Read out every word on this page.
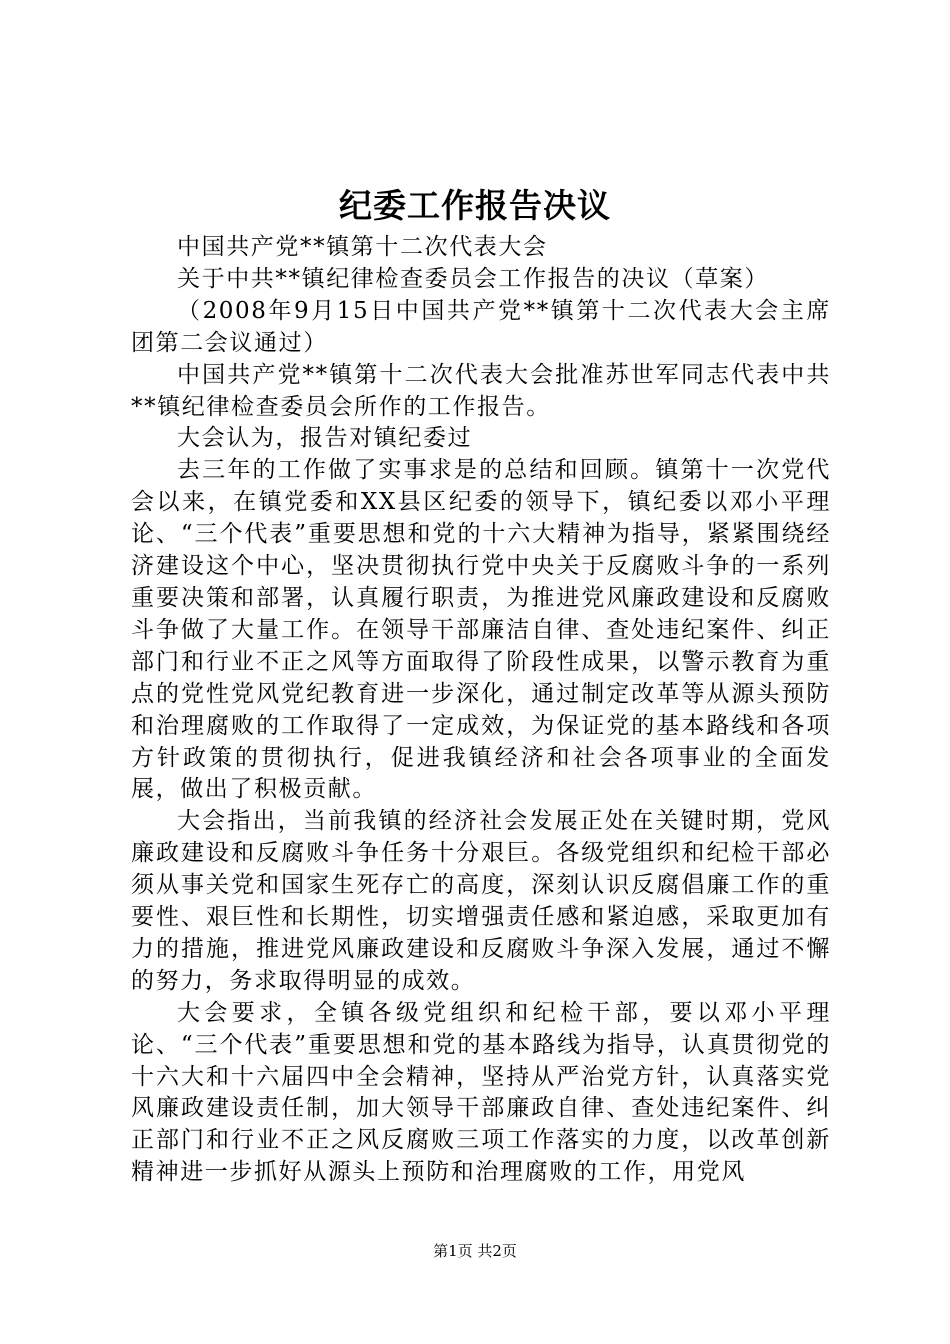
纪委工作报告决议

中国共产党**镇第十二次代表大会

关于中共**镇纪律检查委员会工作报告的决议（草案）

（2008年9月15日中国共产党**镇第十二次代表大会主席团第二会议通过）

中国共产党**镇第十二次代表大会批准苏世军同志代表中共**镇纪律检查委员会所作的工作报告。

大会认为，报告对镇纪委过

去三年的工作做了实事求是的总结和回顾。镇第十一次党代会以来，在镇党委和XX县区纪委的领导下，镇纪委以邓小平理论、“三个代表”重要思想和党的十六大精神为指导，紧紧围绕经济建设这个中心，坚决贯彻执行党中央关于反腐败斗争的一系列重要决策和部署，认真履行职责，为推进党风廉政建设和反腐败斗争做了大量工作。在领导干部廉洁自律、查处违纪案件、纠正部门和行业不正之风等方面取得了阶段性成果，以警示教育为重点的党性党风党纪教育进一步深化，通过制定改革等从源头预防和治理腐败的工作取得了一定成效，为保证党的基本路线和各项方针政策的贯彻执行，促进我镇经济和社会各项事业的全面发展，做出了积极贡献。

大会指出，当前我镇的经济社会发展正处在关键时期，党风廉政建设和反腐败斗争任务十分艰巨。各级党组织和纪检干部必须从事关党和国家生死存亡的高度，深刻认识反腐倡廉工作的重要性、艰巨性和长期性，切实增强责任感和紧迫感，采取更加有力的措施，推进党风廉政建设和反腐败斗争深入发展，通过不懈的努力，务求取得明显的成效。

大会要求，全镇各级党组织和纪检干部，要以邓小平理论、“三个代表”重要思想和党的基本路线为指导，认真贯彻党的十六大和十六届四中全会精神，坚持从严治党方针，认真落实党风廉政建设责任制，加大领导干部廉政自律、查处违纪案件、纠正部门和行业不正之风反腐败三项工作落实的力度，以改革创新精神进一步抓好从源头上预防和治理腐败的工作，用党风

第1页 共2页
